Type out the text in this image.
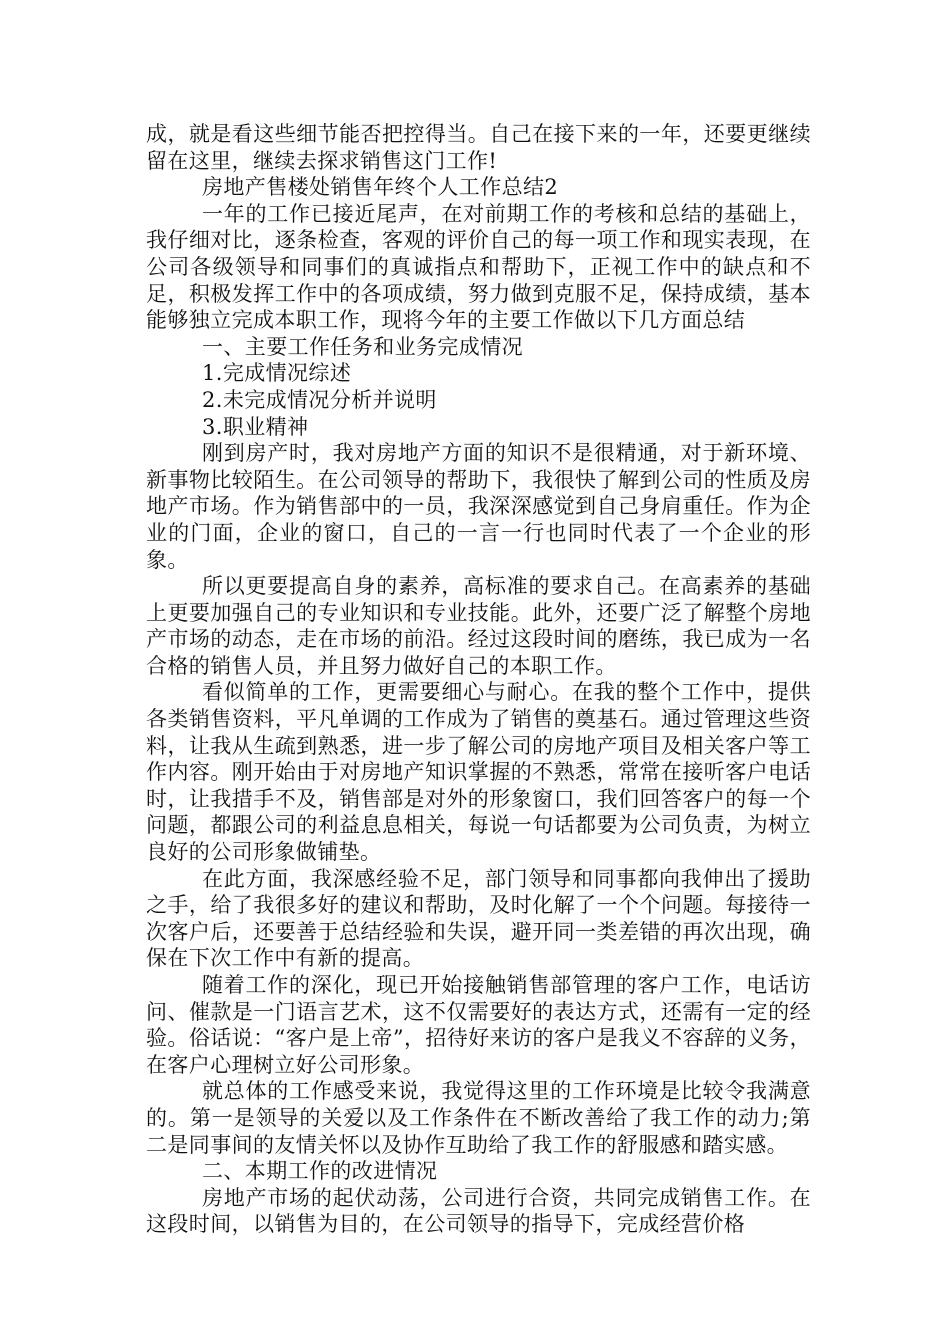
成，就是看这些细节能否把控得当。自己在接下来的一年，还要更继续留在这里，继续去探求销售这门工作!

房地产售楼处销售年终个人工作总结2

一年的工作已接近尾声，在对前期工作的考核和总结的基础上，我仔细对比，逐条检查，客观的评价自己的每一项工作和现实表现，在公司各级领导和同事们的真诚指点和帮助下，正视工作中的缺点和不足，积极发挥工作中的各项成绩，努力做到克服不足，保持成绩，基本能够独立完成本职工作，现将今年的主要工作做以下几方面总结

一、主要工作任务和业务完成情况

1.完成情况综述

2.未完成情况分析并说明

3.职业精神

刚到房产时，我对房地产方面的知识不是很精通，对于新环境、新事物比较陌生。在公司领导的帮助下，我很快了解到公司的性质及房地产市场。作为销售部中的一员，我深深感觉到自己身肩重任。作为企业的门面，企业的窗口，自己的一言一行也同时代表了一个企业的形象。

所以更要提高自身的素养，高标准的要求自己。在高素养的基础上更要加强自己的专业知识和专业技能。此外，还要广泛了解整个房地产市场的动态，走在市场的前沿。经过这段时间的磨练，我已成为一名合格的销售人员，并且努力做好自己的本职工作。

看似简单的工作，更需要细心与耐心。在我的整个工作中，提供各类销售资料，平凡单调的工作成为了销售的奠基石。通过管理这些资料，让我从生疏到熟悉，进一步了解公司的房地产项目及相关客户等工作内容。刚开始由于对房地产知识掌握的不熟悉，常常在接听客户电话时，让我措手不及，销售部是对外的形象窗口，我们回答客户的每一个问题，都跟公司的利益息息相关，每说一句话都要为公司负责，为树立良好的公司形象做铺垫。

在此方面，我深感经验不足，部门领导和同事都向我伸出了援助之手，给了我很多好的建议和帮助，及时化解了一个个问题。每接待一次客户后，还要善于总结经验和失误，避开同一类差错的再次出现，确保在下次工作中有新的提高。

随着工作的深化，现已开始接触销售部管理的客户工作，电话访问、催款是一门语言艺术，这不仅需要好的表达方式，还需有一定的经验。俗话说：“客户是上帝”，招待好来访的客户是我义不容辞的义务，在客户心理树立好公司形象。

就总体的工作感受来说，我觉得这里的工作环境是比较令我满意的。第一是领导的关爱以及工作条件在不断改善给了我工作的动力;第二是同事间的友情关怀以及协作互助给了我工作的舒服感和踏实感。

二、本期工作的改进情况

房地产市场的起伏动荡，公司进行合资，共同完成销售工作。在这段时间，以销售为目的，在公司领导的指导下，完成经营价格
